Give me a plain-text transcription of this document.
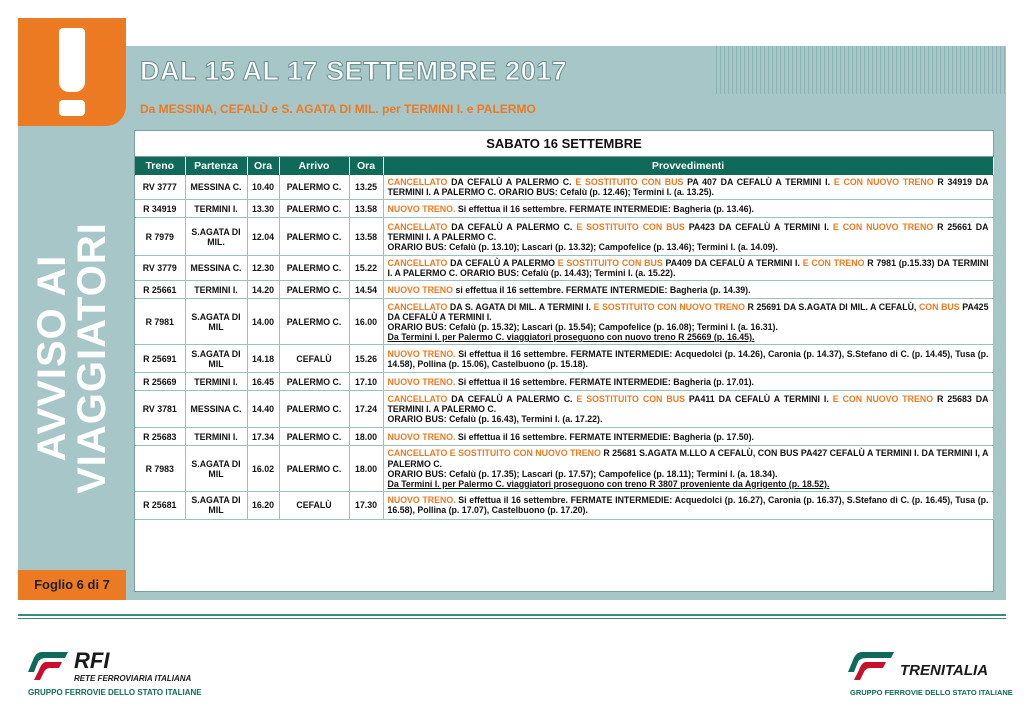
AVVISO AI
VIAGGIATORI
Foglio 6 di 7
DAL 15 AL 17 SETTEMBRE 2017
Da MESSINA, CEFALÙ e S. AGATA DI MIL. per TERMINI I. e PALERMO
SABATO 16 SETTEMBRE
Treno	Partenza	Ora	Arrivo	Ora	Provvedimenti
RV 3777	MESSINA C.	10.40	PALERMO C.	13.25	CANCELLATO DA CEFALÙ A PALERMO C. E SOSTITUITO CON BUS PA 407 DA CEFALÙ A TERMINI I. E CON NUOVO TRENO R 34919 DA TERMINI I. A PALERMO C. ORARIO BUS: Cefalù (p. 12.46); Termini I. (a. 13.25).
R 34919	TERMINI I.	13.30	PALERMO C.	13.58	NUOVO TRENO. Si effettua il 16 settembre. FERMATE INTERMEDIE: Bagheria (p. 13.46).
R 7979	S.AGATA DI MIL.	12.04	PALERMO C.	13.58	CANCELLATO DA CEFALÙ A PALERMO C. E SOSTITUITO CON BUS PA423 DA CEFALÙ A TERMINI I. E CON NUOVO TRENO R 25661 DA TERMINI I. A PALERMO C.
ORARIO BUS: Cefalù (p. 13.10); Lascari (p. 13.32); Campofelice (p. 13.46); Termini I. (a. 14.09).
RV 3779	MESSINA C.	12.30	PALERMO C.	15.22	CANCELLATO DA CEFALÙ A PALERMO E SOSTITUITO CON BUS PA409 DA CEFALÙ A TERMINI I. E CON TRENO R 7981 (p.15.33) DA TERMINI I. A PALERMO C. ORARIO BUS: Cefalù (p. 14.43); Termini I. (a. 15.22).
R 25661	TERMINI I.	14.20	PALERMO C.	14.54	NUOVO TRENO si effettua il 16 settembre. FERMATE INTERMEDIE: Bagheria (p. 14.39).
R 7981	S.AGATA DI MIL	14.00	PALERMO C.	16.00	CANCELLATO DA S. AGATA DI MIL. A TERMINI I. E SOSTITUITO CON NUOVO TRENO R 25691 DA S.AGATA DI MIL. A CEFALÙ, CON BUS PA425 DA CEFALÙ A TERMINI I.
ORARIO BUS: Cefalù (p. 15.32); Lascari (p. 15.54); Campofelice (p. 16.08); Termini I. (a. 16.31).
Da Termini I. per Palermo C. viaggiatori proseguono con nuovo treno R 25669 (p. 16.45).
R 25691	S.AGATA DI MIL	14.18	CEFALÙ	15.26	NUOVO TRENO. Si effettua il 16 settembre. FERMATE INTERMEDIE: Acquedolci (p. 14.26), Caronia (p. 14.37), S.Stefano di C. (p. 14.45), Tusa (p. 14.58), Pollina (p. 15.06), Castelbuono (p. 15.18).
R 25669	TERMINI I.	16.45	PALERMO C.	17.10	NUOVO TRENO. Si effettua il 16 settembre. FERMATE INTERMEDIE: Bagheria (p. 17.01).
RV 3781	MESSINA C.	14.40	PALERMO C.	17.24	CANCELLATO DA CEFALÙ A PALERMO C. E SOSTITUITO CON BUS PA411 DA CEFALÙ A TERMINI I. E CON NUOVO TRENO R 25683 DA TERMINI I. A PALERMO C.
ORARIO BUS: Cefalù (p. 16.43), Termini I. (a. 17.22).
R 25683	TERMINI I.	17.34	PALERMO C.	18.00	NUOVO TRENO. Si effettua il 16 settembre. FERMATE INTERMEDIE: Bagheria (p. 17.50).
R 7983	S.AGATA DI MIL	16.02	PALERMO C.	18.00	CANCELLATO E SOSTITUITO CON NUOVO TRENO R 25681 S.AGATA M.LLO A CEFALÙ, CON BUS PA427 CEFALÙ A TERMINI I. DA TERMINI I, A PALERMO C.
ORARIO BUS: Cefalù (p. 17.35); Lascari (p. 17.57); Campofelice (p. 18.11); Termini I. (a. 18.34).
Da Termini I. per Palermo C. viaggiatori proseguono con treno R 3807 proveniente da Agrigento (p. 18.52).
R 25681	S.AGATA DI MIL	16.20	CEFALÙ	17.30	NUOVO TRENO. Si effettua il 16 settembre. FERMATE INTERMEDIE: Acquedolci (p. 16.27), Caronia (p. 16.37), S.Stefano di C. (p. 16.45), Tusa (p. 16.58), Pollina (p. 17.07), Castelbuono (p. 17.20).
RFI
RETE FERROVIARIA ITALIANA
GRUPPO FERROVIE DELLO STATO ITALIANE
TRENITALIA
GRUPPO FERROVIE DELLO STATO ITALIANE
